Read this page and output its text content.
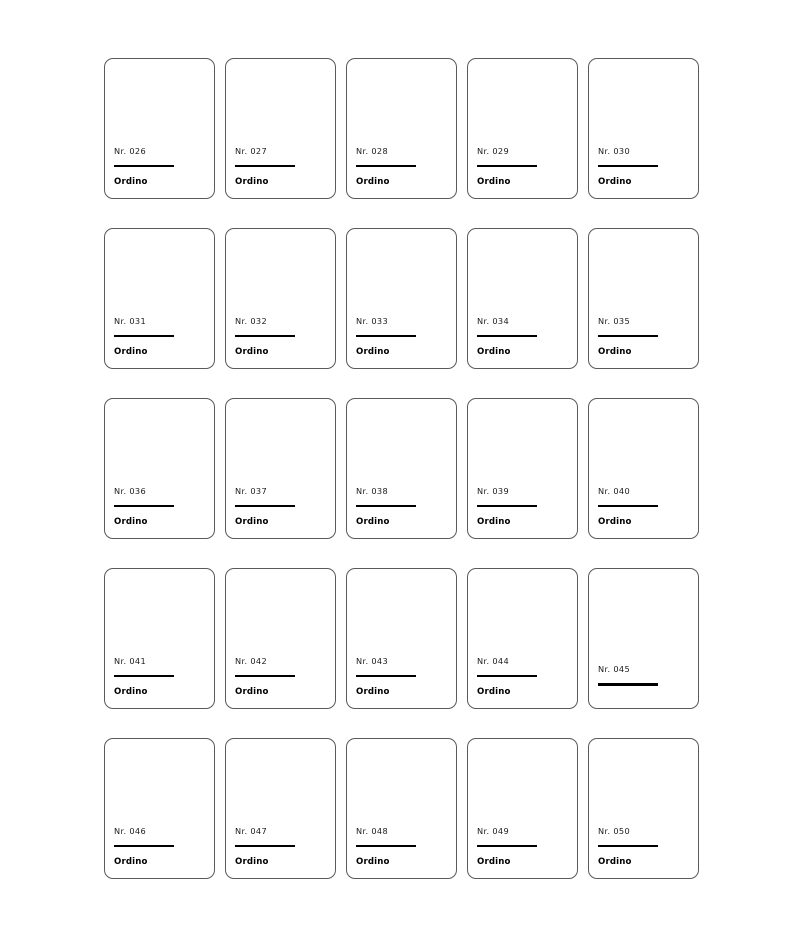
Nr. 026
Ordino
Nr. 027
Ordino
Nr. 028
Ordino
Nr. 029
Ordino
Nr. 030
Ordino
Nr. 031
Ordino
Nr. 032
Ordino
Nr. 033
Ordino
Nr. 034
Ordino
Nr. 035
Ordino
Nr. 036
Ordino
Nr. 037
Ordino
Nr. 038
Ordino
Nr. 039
Ordino
Nr. 040
Ordino
Nr. 041
Ordino
Nr. 042
Ordino
Nr. 043
Ordino
Nr. 044
Ordino
Nr. 045
Nr. 046
Ordino
Nr. 047
Ordino
Nr. 048
Ordino
Nr. 049
Ordino
Nr. 050
Ordino
